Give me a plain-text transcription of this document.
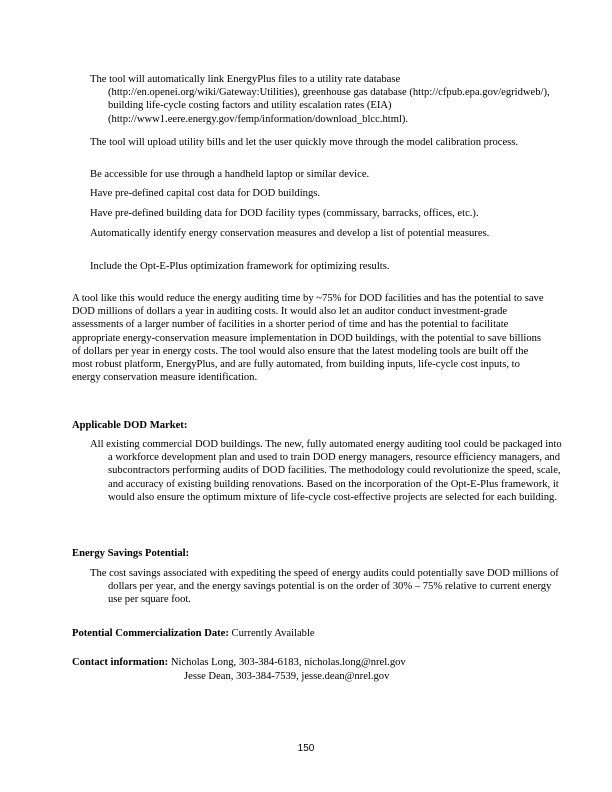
The tool will automatically link EnergyPlus files to a utility rate database (http://en.openei.org/wiki/Gateway:Utilities), greenhouse gas database (http://cfpub.epa.gov/egridweb/), building life-cycle costing factors and utility escalation rates (EIA) (http://www1.eere.energy.gov/femp/information/download_blcc.html).

The tool will upload utility bills and let the user quickly move through the model calibration process.

Be accessible for use through a handheld laptop or similar device.

Have pre-defined capital cost data for DOD buildings.

Have pre-defined building data for DOD facility types (commissary, barracks, offices, etc.).

Automatically identify energy conservation measures and develop a list of potential measures.

Include the Opt-E-Plus optimization framework for optimizing results.

A tool like this would reduce the energy auditing time by ~75% for DOD facilities and has the potential to save DOD millions of dollars a year in auditing costs. It would also let an auditor conduct investment-grade assessments of a larger number of facilities in a shorter period of time and has the potential to facilitate appropriate energy-conservation measure implementation in DOD buildings, with the potential to save billions of dollars per year in energy costs. The tool would also ensure that the latest modeling tools are built off the most robust platform, EnergyPlus, and are fully automated, from building inputs, life-cycle cost inputs, to energy conservation measure identification.

Applicable DOD Market:

All existing commercial DOD buildings. The new, fully automated energy auditing tool could be packaged into a workforce development plan and used to train DOD energy managers, resource efficiency managers, and subcontractors performing audits of DOD facilities. The methodology could revolutionize the speed, scale, and accuracy of existing building renovations. Based on the incorporation of the Opt-E-Plus framework, it would also ensure the optimum mixture of life-cycle cost-effective projects are selected for each building.

Energy Savings Potential:

The cost savings associated with expediting the speed of energy audits could potentially save DOD millions of dollars per year, and the energy savings potential is on the order of 30% – 75% relative to current energy use per square foot.

Potential Commercialization Date: Currently Available

Contact information: Nicholas Long, 303-384-6183, nicholas.long@nrel.gov

Jesse Dean, 303-384-7539, jesse.dean@nrel.gov

150
